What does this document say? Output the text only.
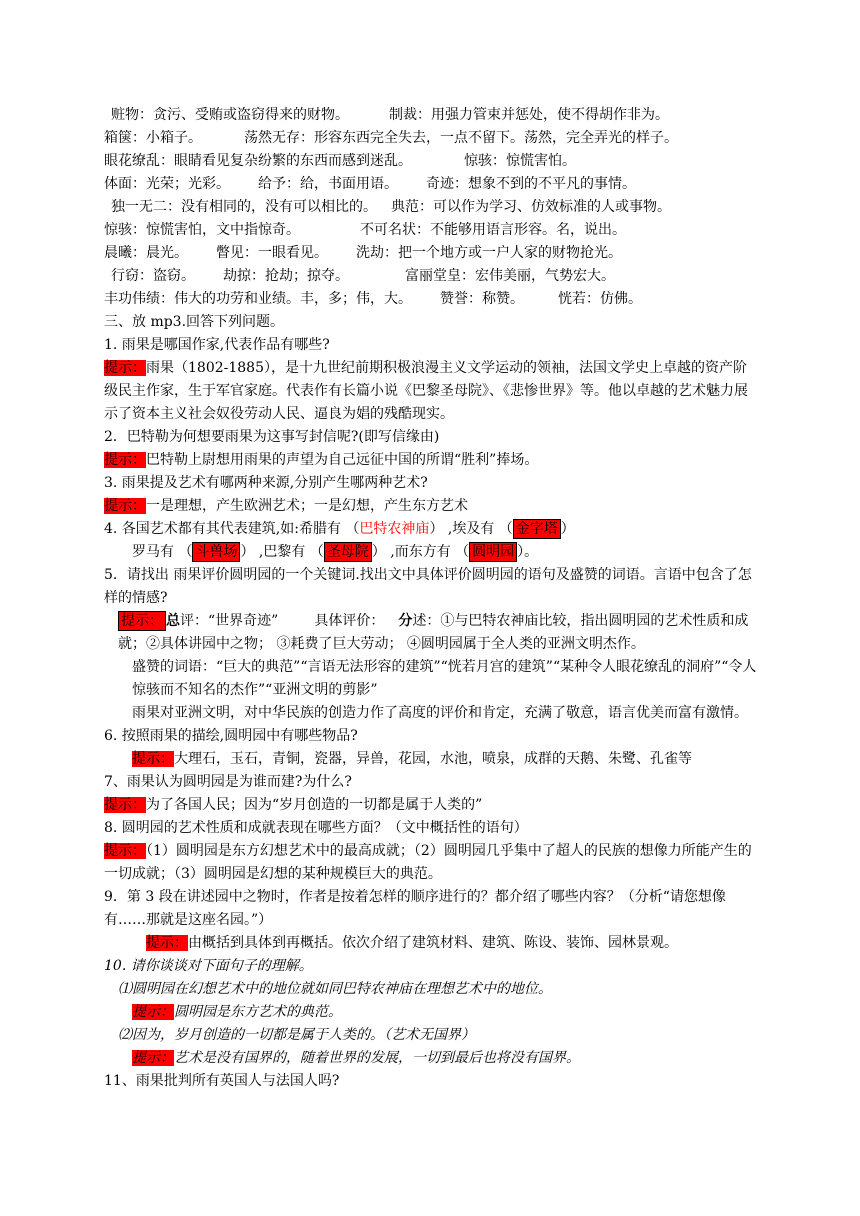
赃物：贪污、受贿或盗窃得来的财物。	制裁：用强力管束并惩处，使不得胡作非为。
箱箧：小箱子。	荡然无存：形容东西完全失去，一点不留下。荡然，完全弄光的样子。
眼花缭乱：眼睛看见复杂纷繁的东西而感到迷乱。	惊骇：惊慌害怕。
体面：光荣；光彩。 给予：给，书面用语。 奇迹：想象不到的不平凡的事情。
独一无二：没有相同的，没有可以相比的。 典范：可以作为学习、仿效标准的人或事物。
惊骇：惊慌害怕，文中指惊奇。	不可名状：不能够用语言形容。名，说出。
晨曦：晨光。 瞥见：一眼看见。 洗劫：把一个地方或一户人家的财物抢光。
行窃：盗窃。 劫掠：抢劫；掠夺。	富丽堂皇：宏伟美丽，气势宏大。
丰功伟绩：伟大的功劳和业绩。丰，多；伟，大。 赞誉：称赞。 恍若：仿佛。
三、放 mp3.回答下列问题。
1. 雨果是哪国作家,代表作品有哪些?
提示：雨果（1802-1885），是十九世纪前期积极浪漫主义文学运动的领袖，法国文学史上卓越的资产阶级民主作家，生于军官家庭。代表作有长篇小说《巴黎圣母院》、《悲惨世界》等。他以卓越的艺术魅力展示了资本主义社会奴役劳动人民、逼良为娼的残酷现实。
2．巴特勒为何想要雨果为这事写封信呢?(即写信缘由)
提示：巴特勒上尉想用雨果的声望为自己远征中国的所谓“胜利”捧场。
3. 雨果提及艺术有哪两种来源,分别产生哪两种艺术?
提示：一是理想，产生欧洲艺术；一是幻想，产生东方艺术
4. 各国艺术都有其代表建筑,如:希腊有 （巴特农神庙） ,埃及有 （ 金字塔 ）
罗马有 （ 斗兽场 ） ,巴黎有 （ 圣母院 ） ,而东方有 （ 圆明园 ）。
5．请找出 雨果评价圆明园的一个关键词.找出文中具体评价圆明园的语句及盛赞的词语。言语中包含了怎样的情感?
提示： 总评：“世界奇迹”	具体评价： 分述：①与巴特农神庙比较，指出圆明园的艺术性质和成就；②具体讲园中之物； ③耗费了巨大劳动； ④圆明园属于全人类的亚洲文明杰作。
盛赞的词语：“巨大的典范”“言语无法形容的建筑”“恍若月宫的建筑”“某种令人眼花缭乱的洞府”“令人惊骇而不知名的杰作”“亚洲文明的剪影”
雨果对亚洲文明，对中华民族的创造力作了高度的评价和肯定，充满了敬意，语言优美而富有激情。
6. 按照雨果的描绘,圆明园中有哪些物品?
提示：大理石，玉石，青铜，瓷器，异兽，花园，水池，喷泉，成群的天鹅、朱鹭、孔雀等
7、雨果认为圆明园是为谁而建?为什么?
提示：为了各国人民；因为“岁月创造的一切都是属于人类的”
8. 圆明园的艺术性质和成就表现在哪些方面？（文中概括性的语句）
提示：（1）圆明园是东方幻想艺术中的最高成就；（2）圆明园几乎集中了超人的民族的想像力所能产生的一切成就；（3）圆明园是幻想的某种规模巨大的典范。
9．第 3 段在讲述园中之物时，作者是按着怎样的顺序进行的？都介绍了哪些内容？（分析“请您想像有……那就是这座名园。”）
提示：由概括到具体到再概括。依次介绍了建筑材料、建筑、陈设、装饰、园林景观。
10. 请你谈谈对下面句子的理解。
⑴圆明园在幻想艺术中的地位就如同巴特农神庙在理想艺术中的地位。
提示：圆明园是东方艺术的典范。
⑵因为，岁月创造的一切都是属于人类的。（艺术无国界）
提示：艺术是没有国界的，随着世界的发展，一切到最后也将没有国界。
11、雨果批判所有英国人与法国人吗?
